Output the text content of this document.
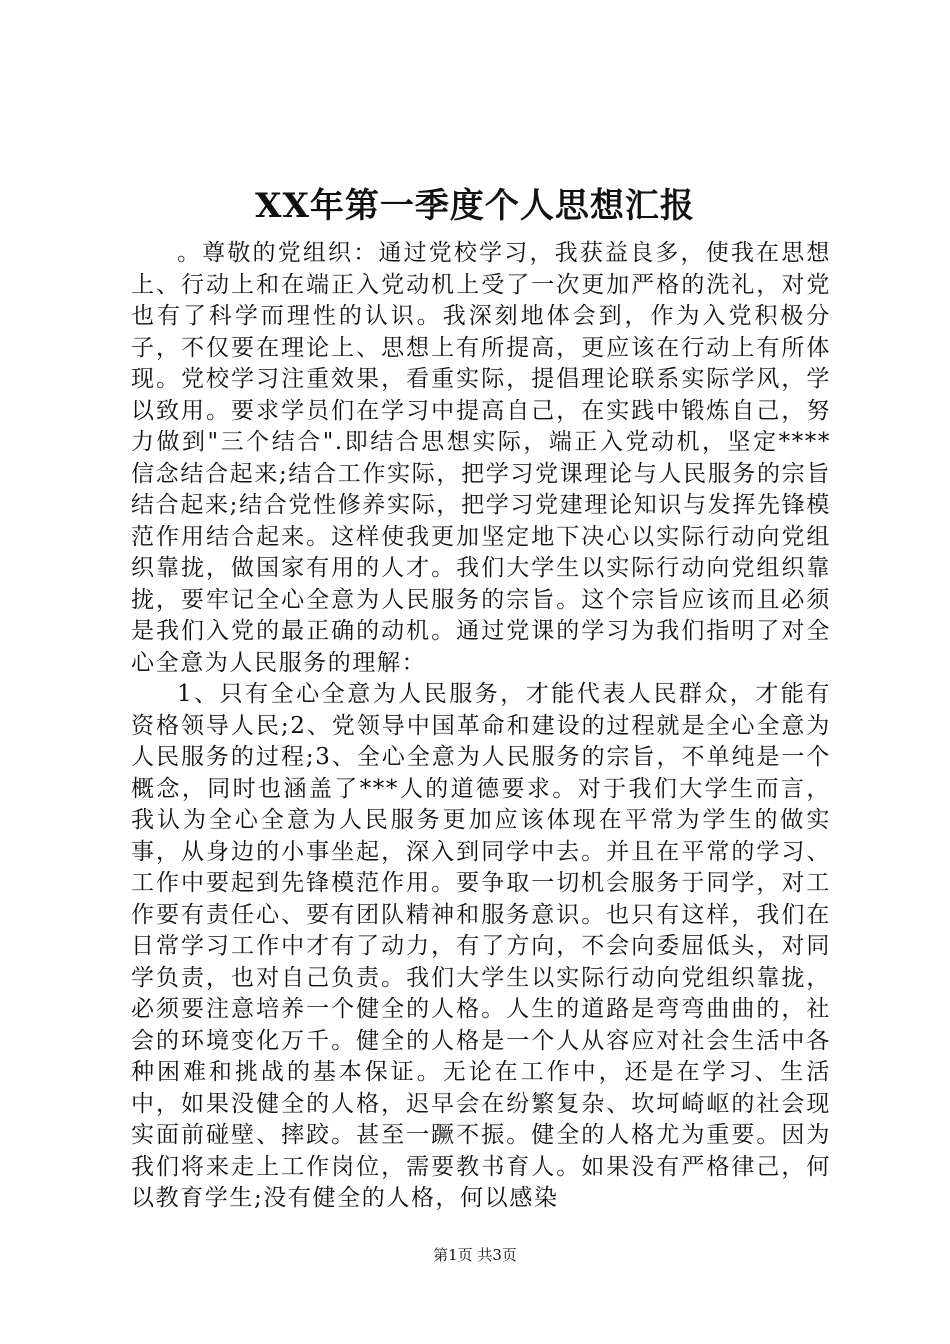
XX年第一季度个人思想汇报

。尊敬的党组织：通过党校学习，我获益良多，使我在思想上、行动上和在端正入党动机上受了一次更加严格的洗礼，对党也有了科学而理性的认识。我深刻地体会到，作为入党积极分子，不仅要在理论上、思想上有所提高，更应该在行动上有所体现。党校学习注重效果，看重实际，提倡理论联系实际学风，学以致用。要求学员们在学习中提高自己，在实践中锻炼自己，努力做到"三个结合".即结合思想实际，端正入党动机，坚定****信念结合起来;结合工作实际，把学习党课理论与人民服务的宗旨结合起来;结合党性修养实际，把学习党建理论知识与发挥先锋模范作用结合起来。这样使我更加坚定地下决心以实际行动向党组织靠拢，做国家有用的人才。我们大学生以实际行动向党组织靠拢，要牢记全心全意为人民服务的宗旨。这个宗旨应该而且必须是我们入党的最正确的动机。通过党课的学习为我们指明了对全心全意为人民服务的理解：

1、只有全心全意为人民服务，才能代表人民群众，才能有资格领导人民;2、党领导中国革命和建设的过程就是全心全意为人民服务的过程;3、全心全意为人民服务的宗旨，不单纯是一个概念，同时也涵盖了***人的道德要求。对于我们大学生而言，我认为全心全意为人民服务更加应该体现在平常为学生的做实事，从身边的小事坐起，深入到同学中去。并且在平常的学习、工作中要起到先锋模范作用。要争取一切机会服务于同学，对工作要有责任心、要有团队精神和服务意识。也只有这样，我们在日常学习工作中才有了动力，有了方向，不会向委屈低头，对同学负责，也对自己负责。我们大学生以实际行动向党组织靠拢，必须要注意培养一个健全的人格。人生的道路是弯弯曲曲的，社会的环境变化万千。健全的人格是一个人从容应对社会生活中各种困难和挑战的基本保证。无论在工作中，还是在学习、生活中，如果没健全的人格，迟早会在纷繁复杂、坎坷崎岖的社会现实面前碰壁、摔跤。甚至一蹶不振。健全的人格尤为重要。因为我们将来走上工作岗位，需要教书育人。如果没有严格律己，何以教育学生;没有健全的人格，何以感染

第1页 共3页
